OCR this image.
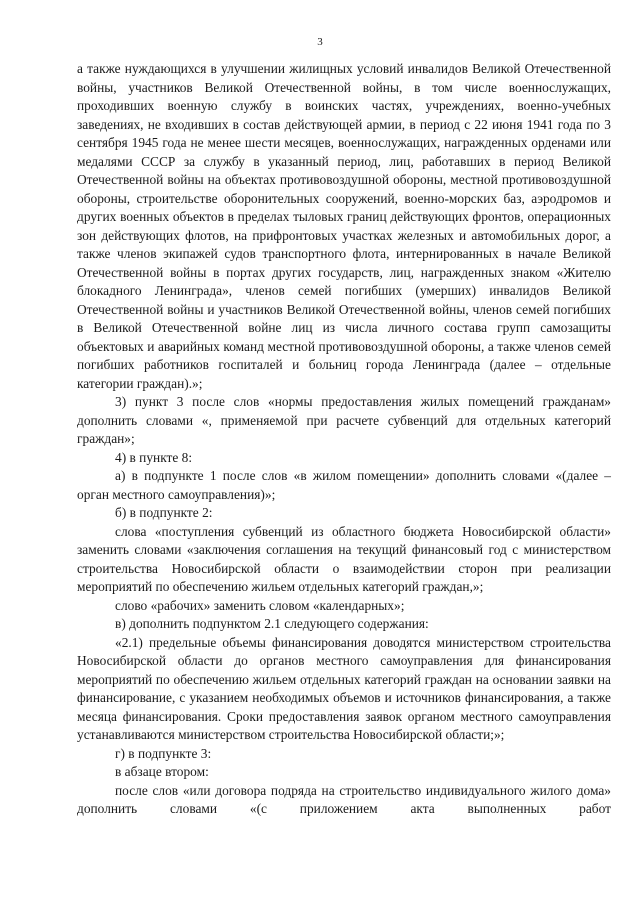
3

а также нуждающихся в улучшении жилищных условий инвалидов Великой Отечественной войны, участников Великой Отечественной войны, в том числе военнослужащих, проходивших военную службу в воинских частях, учреждениях, военно-учебных заведениях, не входивших в состав действующей армии, в период с 22 июня 1941 года по 3 сентября 1945 года не менее шести месяцев, военнослужащих, награжденных орденами или медалями СССР за службу в указанный период, лиц, работавших в период Великой Отечественной войны на объектах противовоздушной обороны, местной противовоздушной обороны, строительстве оборонительных сооружений, военно-морских баз, аэродромов и других военных объектов в пределах тыловых границ действующих фронтов, операционных зон действующих флотов, на прифронтовых участках железных и автомобильных дорог, а также членов экипажей судов транспортного флота, интернированных в начале Великой Отечественной войны в портах других государств, лиц, награжденных знаком «Жителю блокадного Ленинграда», членов семей погибших (умерших) инвалидов Великой Отечественной войны и участников Великой Отечественной войны, членов семей погибших в Великой Отечественной войне лиц из числа личного состава групп самозащиты объектовых и аварийных команд местной противовоздушной обороны, а также членов семей погибших работников госпиталей и больниц города Ленинграда (далее – отдельные категории граждан).»;

3) пункт 3 после слов «нормы предоставления жилых помещений гражданам» дополнить словами «, применяемой при расчете субвенций для отдельных категорий граждан»;

4) в пункте 8:

а) в подпункте 1 после слов «в жилом помещении» дополнить словами «(далее – орган местного самоуправления)»;

б) в подпункте 2:

слова «поступления субвенций из областного бюджета Новосибирской области» заменить словами «заключения соглашения на текущий финансовый год с министерством строительства Новосибирской области о взаимодействии сторон при реализации мероприятий по обеспечению жильем отдельных категорий граждан,»;

слово «рабочих» заменить словом «календарных»;

в) дополнить подпунктом 2.1 следующего содержания:

«2.1) предельные объемы финансирования доводятся министерством строительства Новосибирской области до органов местного самоуправления для финансирования мероприятий по обеспечению жильем отдельных категорий граждан на основании заявки на финансирование, с указанием необходимых объемов и источников финансирования, а также месяца финансирования. Сроки предоставления заявок органом местного самоуправления устанавливаются министерством строительства Новосибирской области;»;

г) в подпункте 3:

в абзаце втором:

после слов «или договора подряда на строительство индивидуального жилого дома» дополнить словами «(с приложением акта выполненных работ
